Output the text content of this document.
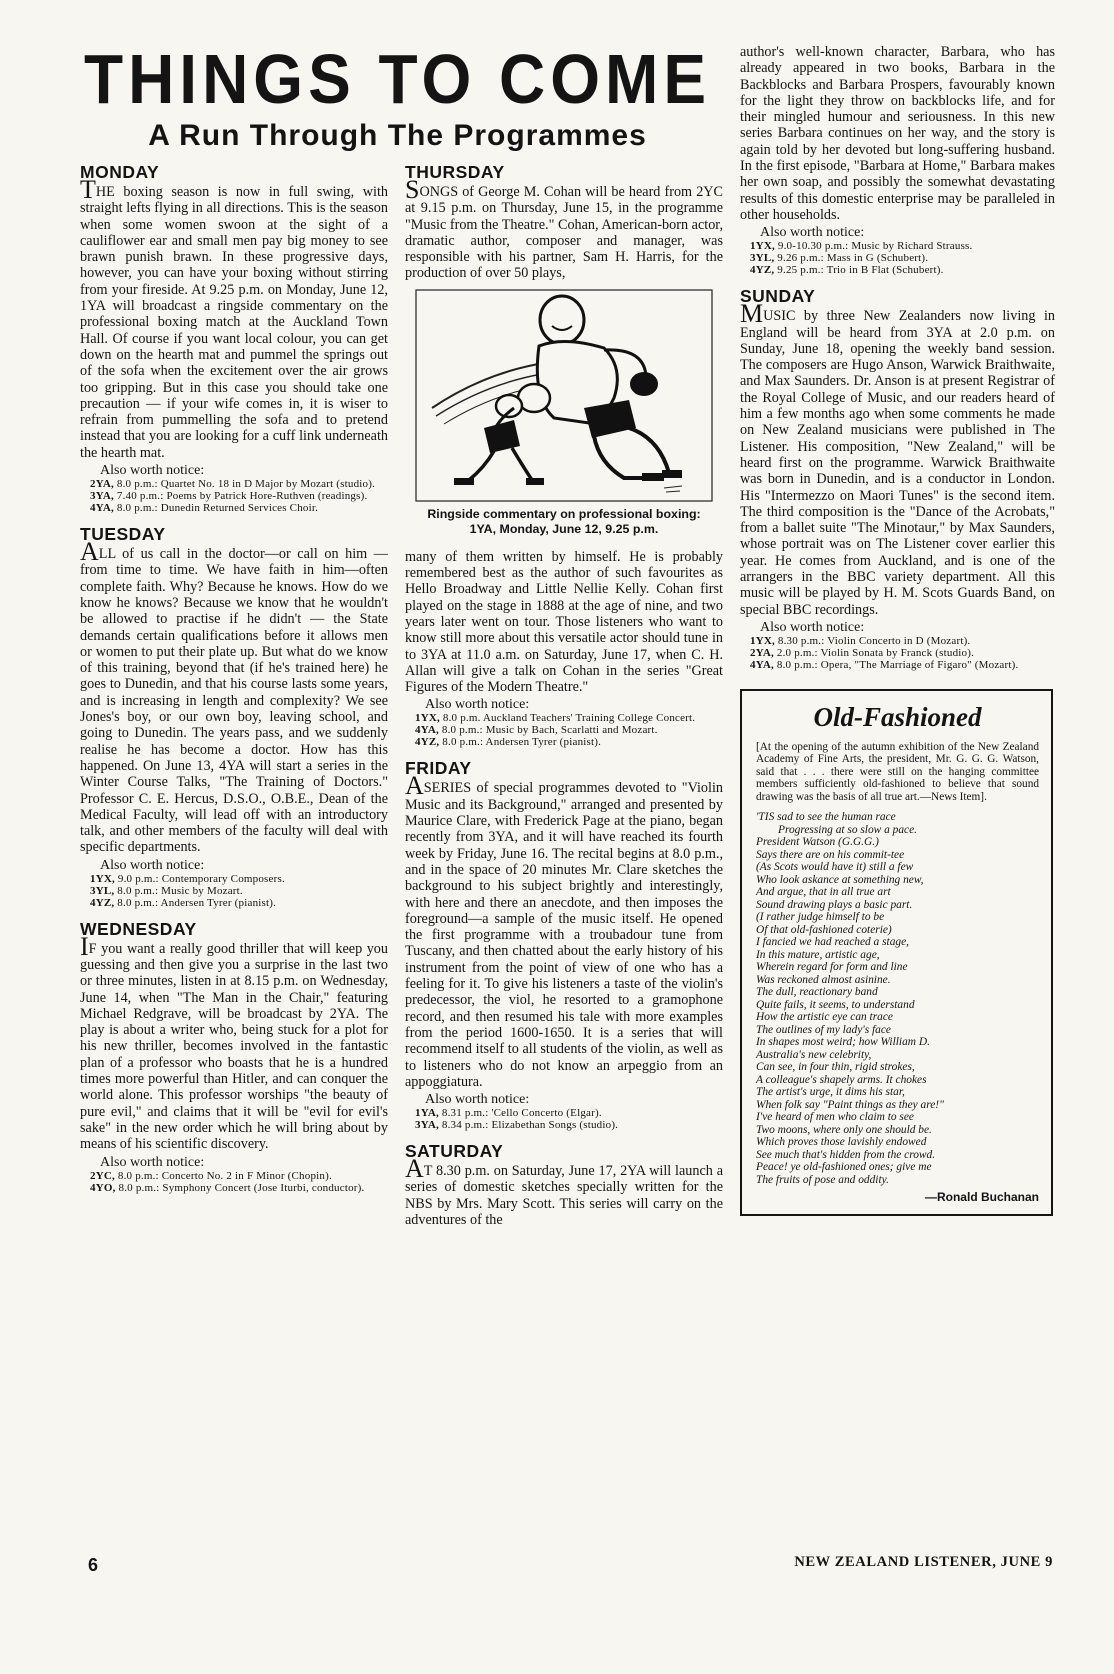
THINGS TO COME
A Run Through The Programmes
MONDAY

THE boxing season is now in full swing, with straight lefts flying in all directions. This is the season when some women swoon at the sight of a cauliflower ear and small men pay big money to see brawn punish brawn. In these progressive days, however, you can have your boxing without stirring from your fireside. At 9.25 p.m. on Monday, June 12, 1YA will broadcast a ringside commentary on the professional boxing match at the Auckland Town Hall. Of course if you want local colour, you can get down on the hearth mat and pummel the springs out of the sofa when the excitement over the air grows too gripping. But in this case you should take one precaution — if your wife comes in, it is wiser to refrain from pummelling the sofa and to pretend instead that you are looking for a cuff link underneath the hearth mat.

Also worth notice:
2YA, 8.0 p.m.: Quartet No. 18 in D Major by Mozart (studio).
3YA, 7.40 p.m.: Poems by Patrick Hore-Ruthven (readings).
4YA, 8.0 p.m.: Dunedin Returned Services Choir.
TUESDAY

ALL of us call in the doctor—or call on him — from time to time. We have faith in him—often complete faith. Why? Because he knows. How do we know he knows? Because we know that he wouldn't be allowed to practise if he didn't — the State demands certain qualifications before it allows men or women to put their plate up. But what do we know of this training, beyond that (if he's trained here) he goes to Dunedin, and that his course lasts some years, and is increasing in length and complexity? We see Jones's boy, or our own boy, leaving school, and going to Dunedin. The years pass, and we suddenly realise he has become a doctor. How has this happened. On June 13, 4YA will start a series in the Winter Course Talks, "The Training of Doctors." Professor C. E. Hercus, D.S.O., O.B.E., Dean of the Medical Faculty, will lead off with an introductory talk, and other members of the faculty will deal with specific departments.

Also worth notice:
1YX, 9.0 p.m.: Contemporary Composers.
3YL, 8.0 p.m.: Music by Mozart.
4YZ, 8.0 p.m.: Andersen Tyrer (pianist).
WEDNESDAY

IF you want a really good thriller that will keep you guessing and then give you a surprise in the last two or three minutes, listen in at 8.15 p.m. on Wednesday, June 14, when "The Man in the Chair," featuring Michael Redgrave, will be broadcast by 2YA. The play is about a writer who, being stuck for a plot for his new thriller, becomes involved in the fantastic plan of a professor who boasts that he is a hundred times more powerful than Hitler, and can conquer the world alone. This professor worships "the beauty of pure evil," and claims that it will be "evil for evil's sake" in the new order which he will bring about by means of his scientific discovery.

Also worth notice:
2YC, 8.0 p.m.: Concerto No. 2 in F Minor (Chopin).
4YO, 8.0 p.m.: Symphony Concert (Jose Iturbi, conductor).
THURSDAY

SONGS of George M. Cohan will be heard from 2YC at 9.15 p.m. on Thursday, June 15, in the programme "Music from the Theatre." Cohan, American-born actor, dramatic author, composer and manager, was responsible with his partner, Sam H. Harris, for the production of over 50 plays,

Ringside commentary on professional boxing:
1YA, Monday, June 12, 9.25 p.m.

many of them written by himself. He is probably remembered best as the author of such favourites as Hello Broadway and Little Nellie Kelly. Cohan first played on the stage in 1888 at the age of nine, and two years later went on tour. Those listeners who want to know still more about this versatile actor should tune in to 3YA at 11.0 a.m. on Saturday, June 17, when C. H. Allan will give a talk on Cohan in the series "Great Figures of the Modern Theatre."

Also worth notice:
1YX, 8.0 p.m. Auckland Teachers' Training College Concert.
4YA, 8.0 p.m.: Music by Bach, Scarlatti and Mozart.
4YZ, 8.0 p.m.: Andersen Tyrer (pianist).
FRIDAY

ASERIES of special programmes devoted to "Violin Music and its Background," arranged and presented by Maurice Clare, with Frederick Page at the piano, began recently from 3YA, and it will have reached its fourth week by Friday, June 16. The recital begins at 8.0 p.m., and in the space of 20 minutes Mr. Clare sketches the background to his subject brightly and interestingly, with here and there an anecdote, and then imposes the foreground—a sample of the music itself. He opened the first programme with a troubadour tune from Tuscany, and then chatted about the early history of his instrument from the point of view of one who has a feeling for it. To give his listeners a taste of the violin's predecessor, the viol, he resorted to a gramophone record, and then resumed his tale with more examples from the period 1600-1650. It is a series that will recommend itself to all students of the violin, as well as to listeners who do not know an arpeggio from an appoggiatura.

Also worth notice:
1YA, 8.31 p.m.: 'Cello Concerto (Elgar).
3YA, 8.34 p.m.: Elizabethan Songs (studio).
SATURDAY

AT 8.30 p.m. on Saturday, June 17, 2YA will launch a series of domestic sketches specially written for the NBS by Mrs. Mary Scott. This series will carry on the adventures of the

author's well-known character, Barbara, who has already appeared in two books, Barbara in the Backblocks and Barbara Prospers, favourably known for the light they throw on backblocks life, and for their mingled humour and seriousness. In this new series Barbara continues on her way, and the story is again told by her devoted but long-suffering husband. In the first episode, "Barbara at Home," Barbara makes her own soap, and possibly the somewhat devastating results of this domestic enterprise may be paralleled in other households.

Also worth notice:
1YX, 9.0-10.30 p.m.: Music by Richard Strauss.
3YL, 9.26 p.m.: Mass in G (Schubert).
4YZ, 9.25 p.m.: Trio in B Flat (Schubert).
SUNDAY

MUSIC by three New Zealanders now living in England will be heard from 3YA at 2.0 p.m. on Sunday, June 18, opening the weekly band session. The composers are Hugo Anson, Warwick Braithwaite, and Max Saunders. Dr. Anson is at present Registrar of the Royal College of Music, and our readers heard of him a few months ago when some comments he made on New Zealand musicians were published in The Listener. His composition, "New Zealand," will be heard first on the programme. Warwick Braithwaite was born in Dunedin, and is a conductor in London. His "Intermezzo on Maori Tunes" is the second item. The third composition is the "Dance of the Acrobats," from a ballet suite "The Minotaur," by Max Saunders, whose portrait was on The Listener cover earlier this year. He comes from Auckland, and is one of the arrangers in the BBC variety department. All this music will be played by H. M. Scots Guards Band, on special BBC recordings.

Also worth notice:
1YX, 8.30 p.m.: Violin Concerto in D (Mozart).
2YA, 2.0 p.m.: Violin Sonata by Franck (studio).
4YA, 8.0 p.m.: Opera, "The Marriage of Figaro" (Mozart).
Old-Fashioned

[At the opening of the autumn exhibition of the New Zealand Academy of Fine Arts, the president, Mr. G. G. G. Watson, said that . . . there were still on the hanging committee members sufficiently old-fashioned to believe that sound drawing was the basis of all true art.—News Item].

'TIS sad to see the human race
Progressing at so slow a pace.
President Watson (G.G.G.)
Says there are on his commit-tee
(As Scots would have it) still a few
Who look askance at something new,
And argue, that in all true art
Sound drawing plays a basic part.
(I rather judge himself to be
Of that old-fashioned coterie)
I fancied we had reached a stage,
In this mature, artistic age,
Wherein regard for form and line
Was reckoned almost asinine.
The dull, reactionary band
Quite fails, it seems, to understand
How the artistic eye can trace
The outlines of my lady's face
In shapes most weird; how William D.
Australia's new celebrity,
Can see, in four thin, rigid strokes,
A colleague's shapely arms. It chokes
The artist's urge, it dims his star,
When folk say "Paint things as they are!"
I've heard of men who claim to see
Two moons, where only one should be.
Which proves those lavishly endowed
See much that's hidden from the crowd.
Peace! ye old-fashioned ones; give me
The fruits of pose and oddity.
—Ronald Buchanan
6	NEW ZEALAND LISTENER, JUNE 9
